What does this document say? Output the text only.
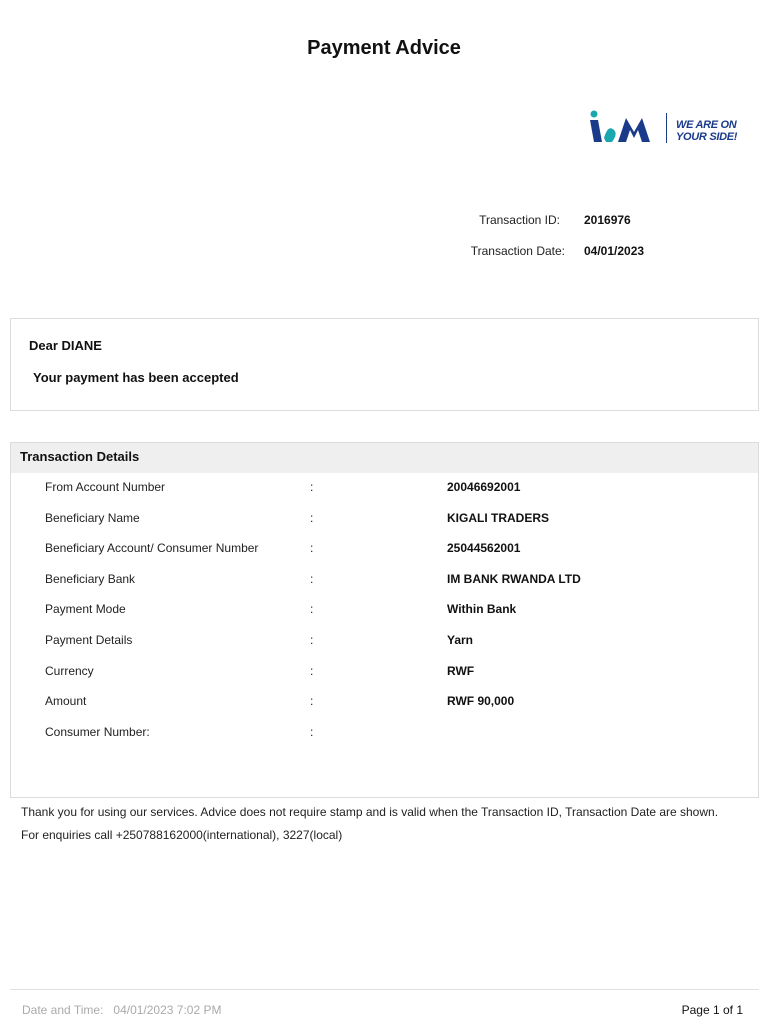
Payment Advice
WE ARE ON
YOUR SIDE!
Transaction ID: 2016976
Transaction Date: 04/01/2023
Dear DIANE
Your payment has been accepted
Transaction Details
From Account Number	:	20046692001
Beneficiary Name	:	KIGALI TRADERS
Beneficiary Account/ Consumer Number	:	25044562001
Beneficiary Bank	:	IM BANK RWANDA LTD
Payment Mode	:	Within Bank
Payment Details	:	Yarn
Currency	:	RWF
Amount	:	RWF 90,000
Consumer Number:	:
Thank you for using our services. Advice does not require stamp and is valid when the Transaction ID, Transaction Date are shown.
For enquiries call +250788162000(international), 3227(local)
Date and Time: 04/01/2023 7:02 PM	Page 1 of 1
